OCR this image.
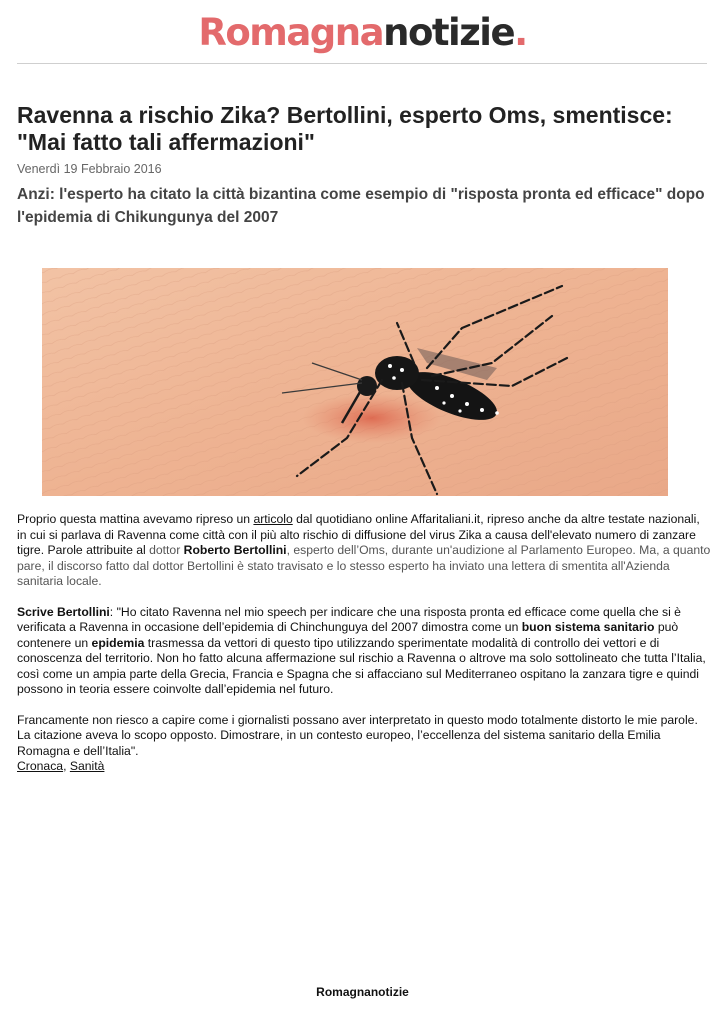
Romagnanotizie.
Ravenna a rischio Zika? Bertollini, esperto Oms, smentisce: "Mai fatto tali affermazioni"
Venerdì 19 Febbraio 2016
Anzi: l'esperto ha citato la città bizantina come esempio di "risposta pronta ed efficace" dopo l'epidemia di Chikungunya del 2007

Proprio questa mattina avevamo ripreso un articolo dal quotidiano online Affaritaliani.it, ripreso anche da altre testate nazionali, in cui si parlava di Ravenna come città con il più alto rischio di diffusione del virus Zika a causa dell'elevato numero di zanzare tigre. Parole attribuite al dottor Roberto Bertollini, esperto dell’Oms, durante un'audizione al Parlamento Europeo. Ma, a quanto pare, il discorso fatto dal dottor Bertollini è stato travisato e lo stesso esperto ha inviato una lettera di smentita all'Azienda sanitaria locale.

Scrive Bertollini: "Ho citato Ravenna nel mio speech per indicare che una risposta pronta ed efficace come quella che si è verificata a Ravenna in occasione dell’epidemia di Chinchunguya del 2007 dimostra come un buon sistema sanitario può contenere un epidemia trasmessa da vettori di questo tipo utilizzando sperimentate modalità di controllo dei vettori e di conoscenza del territorio. Non ho fatto alcuna affermazione sul rischio a Ravenna o altrove ma solo sottolineato che tutta l’Italia, così come un ampia parte della Grecia, Francia e Spagna che si affacciano sul Mediterraneo ospitano la zanzara tigre e quindi possono in teoria essere coinvolte dall’epidemia nel futuro.

Francamente non riesco a capire come i giornalisti possano aver interpretato in questo modo totalmente distorto le mie parole. La citazione aveva lo scopo opposto. Dimostrare, in un contesto europeo, l’eccellenza del sistema sanitario della Emilia Romagna e dell’Italia".

Cronaca, Sanità
Romagnanotizie
